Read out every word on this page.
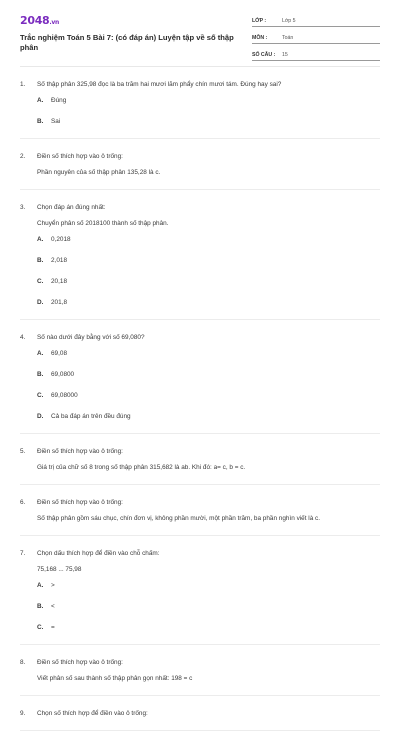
2048.vn
Trắc nghiệm Toán 5 Bài 7: (có đáp án) Luyện tập về số thập phân
LỚP :	Lớp 5
MÔN :	Toán
SỐ CÂU :	15
1.	Số thập phân 325,98 đọc là ba trăm hai mươi lăm phẩy chín mươi tám. Đúng hay sai?
A.	Đúng
B.	Sai
2.	Điền số thích hợp vào ô trống:
Phần nguyên của số thập phân 135,28 là c.
3.	Chọn đáp án đúng nhất:
Chuyển phân số 2018100 thành số thập phân.
A.	0,2018
B.	2,018
C.	20,18
D.	201,8
4.	Số nào dưới đây bằng với số 69,080?
A.	69,08
B.	69,0800
C.	69,08000
D.	Cả ba đáp án trên đều đúng
5.	Điền số thích hợp vào ô trống:
Giá trị của chữ số 8 trong số thập phân 315,682 là ab. Khi đó: a= c, b = c.
6.	Điền số thích hợp vào ô trống:
Số thập phân gồm sáu chục, chín đơn vị, không phần mười, một phần trăm, ba phần nghìn viết là c.
7.	Chọn dấu thích hợp để điền vào chỗ chấm:
75,168 ... 75,98
A.	>
B.	<
C.	=
8.	Điền số thích hợp vào ô trống:
Viết phân số sau thành số thập phân gọn nhất: 198 = c
9.	Chọn số thích hợp để điền vào ô trống:
